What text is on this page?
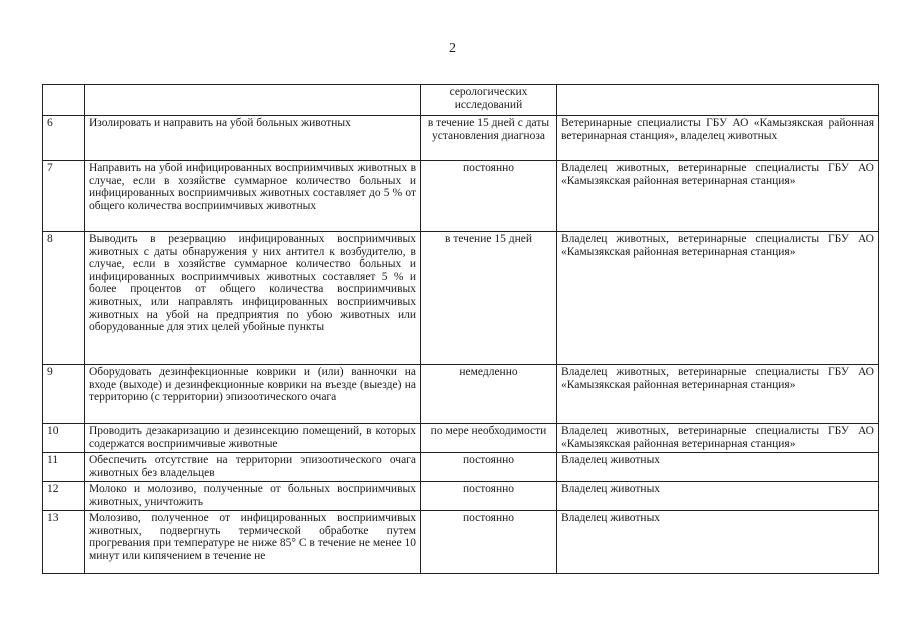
2
		серологических исследований	
6	Изолировать и направить на убой больных животных	в течение 15 дней с даты установления диагноза	Ветеринарные специалисты ГБУ АО «Камызякская районная ветеринарная станция», владелец животных
7	Направить на убой инфицированных восприимчивых животных в случае, если в хозяйстве суммарное количество больных и инфицированных восприимчивых животных составляет до 5 % от общего количества восприимчивых животных	постоянно	Владелец животных, ветеринарные специалисты ГБУ АО «Камызякская районная ветеринарная станция»
8	Выводить в резервацию инфицированных восприимчивых животных с даты обнаружения у них антител к возбудителю, в случае, если в хозяйстве суммарное количество больных и инфицированных восприимчивых животных составляет 5 % и более процентов от общего количества восприимчивых животных, или направлять инфицированных восприимчивых животных на убой на предприятия по убою животных или оборудованные для этих целей убойные пункты	в течение 15 дней	Владелец животных, ветеринарные специалисты ГБУ АО «Камызякская районная ветеринарная станция»
9	Оборудовать дезинфекционные коврики и (или) ванночки на входе (выходе) и дезинфекционные коврики на въезде (выезде) на территорию (с территории) эпизоотического очага	немедленно	Владелец животных, ветеринарные специалисты ГБУ АО «Камызякская районная ветеринарная станция»
10	Проводить дезакаризацию и дезинсекцию помещений, в которых содержатся восприимчивые животные	по мере необходимости	Владелец животных, ветеринарные специалисты ГБУ АО «Камызякская районная ветеринарная станция»
11	Обеспечить отсутствие на территории эпизоотического очага животных без владельцев	постоянно	Владелец животных
12	Молоко и молозиво, полученные от больных восприимчивых животных, уничтожить	постоянно	Владелец животных
13	Молозиво, полученное от инфицированных восприимчивых животных, подвергнуть термической обработке путем прогревания при температуре не ниже 85° С в течение не менее 10 минут или кипячением в течение не	постоянно	Владелец животных
